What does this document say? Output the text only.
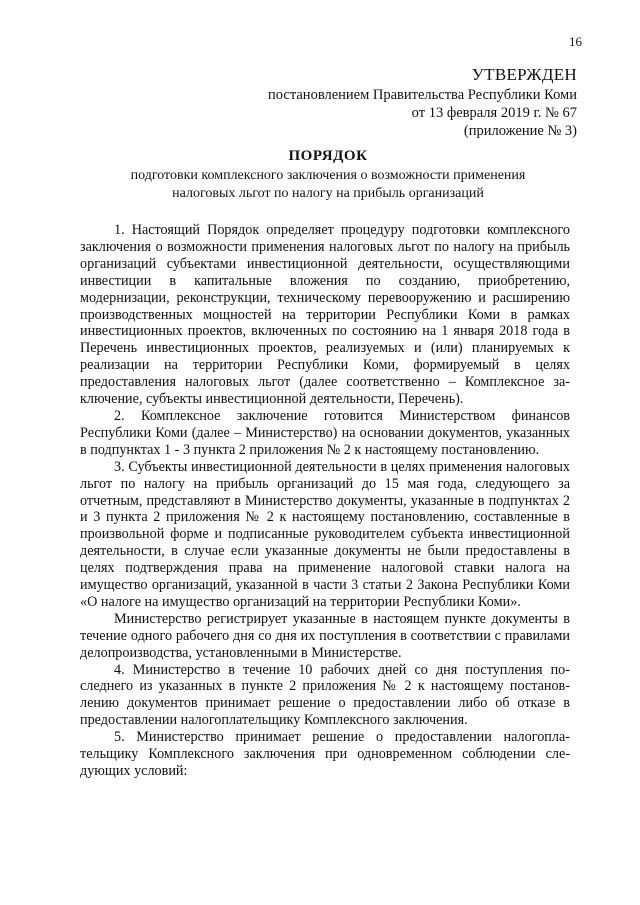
16
УТВЕРЖДЕН
постановлением Правительства Республики Коми
от 13 февраля 2019 г. № 67
(приложение № 3)
ПОРЯДОК
подготовки комплексного заключения о возможности применения
налоговых льгот по налогу на прибыль организаций

1. Настоящий Порядок определяет процедуру подготовки комплексного заключения о возможности применения налоговых льгот по налогу на прибыль организаций субъектами инвестиционной деятельности, осуществляющими инвестиции в капитальные вложения по созданию, приобретению, модернизации, реконструкции, техническому перевооружению и расширению производственных мощностей на территории Республики Коми в рамках инвестиционных проектов, включенных по состоянию на 1 января 2018 года в Перечень инвестиционных проектов, реализуемых и (или) планируемых к реализации на территории Республики Коми, формируемый в целях предоставления налоговых льгот (далее соответственно – Комплексное заключение, субъекты инвестиционной деятельности, Перечень).

2. Комплексное заключение готовится Министерством финансов Республики Коми (далее – Министерство) на основании документов, указанных в подпунктах 1 - 3 пункта 2 приложения № 2 к настоящему постановлению.

3. Субъекты инвестиционной деятельности в целях применения налоговых льгот по налогу на прибыль организаций до 15 мая года, следующего за отчетным, представляют в Министерство документы, указанные в подпунктах 2 и 3 пункта 2 приложения № 2 к настоящему постановлению, составленные в произвольной форме и подписанные руководителем субъекта инвестиционной деятельности, в случае если указанные документы не были предоставлены в целях подтверждения права на применение налоговой ставки налога на имущество организаций, указанной в части 3 статьи 2 Закона Республики Коми «О налоге на имущество организаций на территории Республики Коми».

Министерство регистрирует указанные в настоящем пункте документы в течение одного рабочего дня со дня их поступления в соответствии с правилами делопроизводства, установленными в Министерстве.

4. Министерство в течение 10 рабочих дней со дня поступления последнего из указанных в пункте 2 приложения № 2 к настоящему постановлению документов принимает решение о предоставлении либо об отказе в предоставлении налогоплательщику Комплексного заключения.

5. Министерство принимает решение о предоставлении налогоплательщику Комплексного заключения при одновременном соблюдении следующих условий:
